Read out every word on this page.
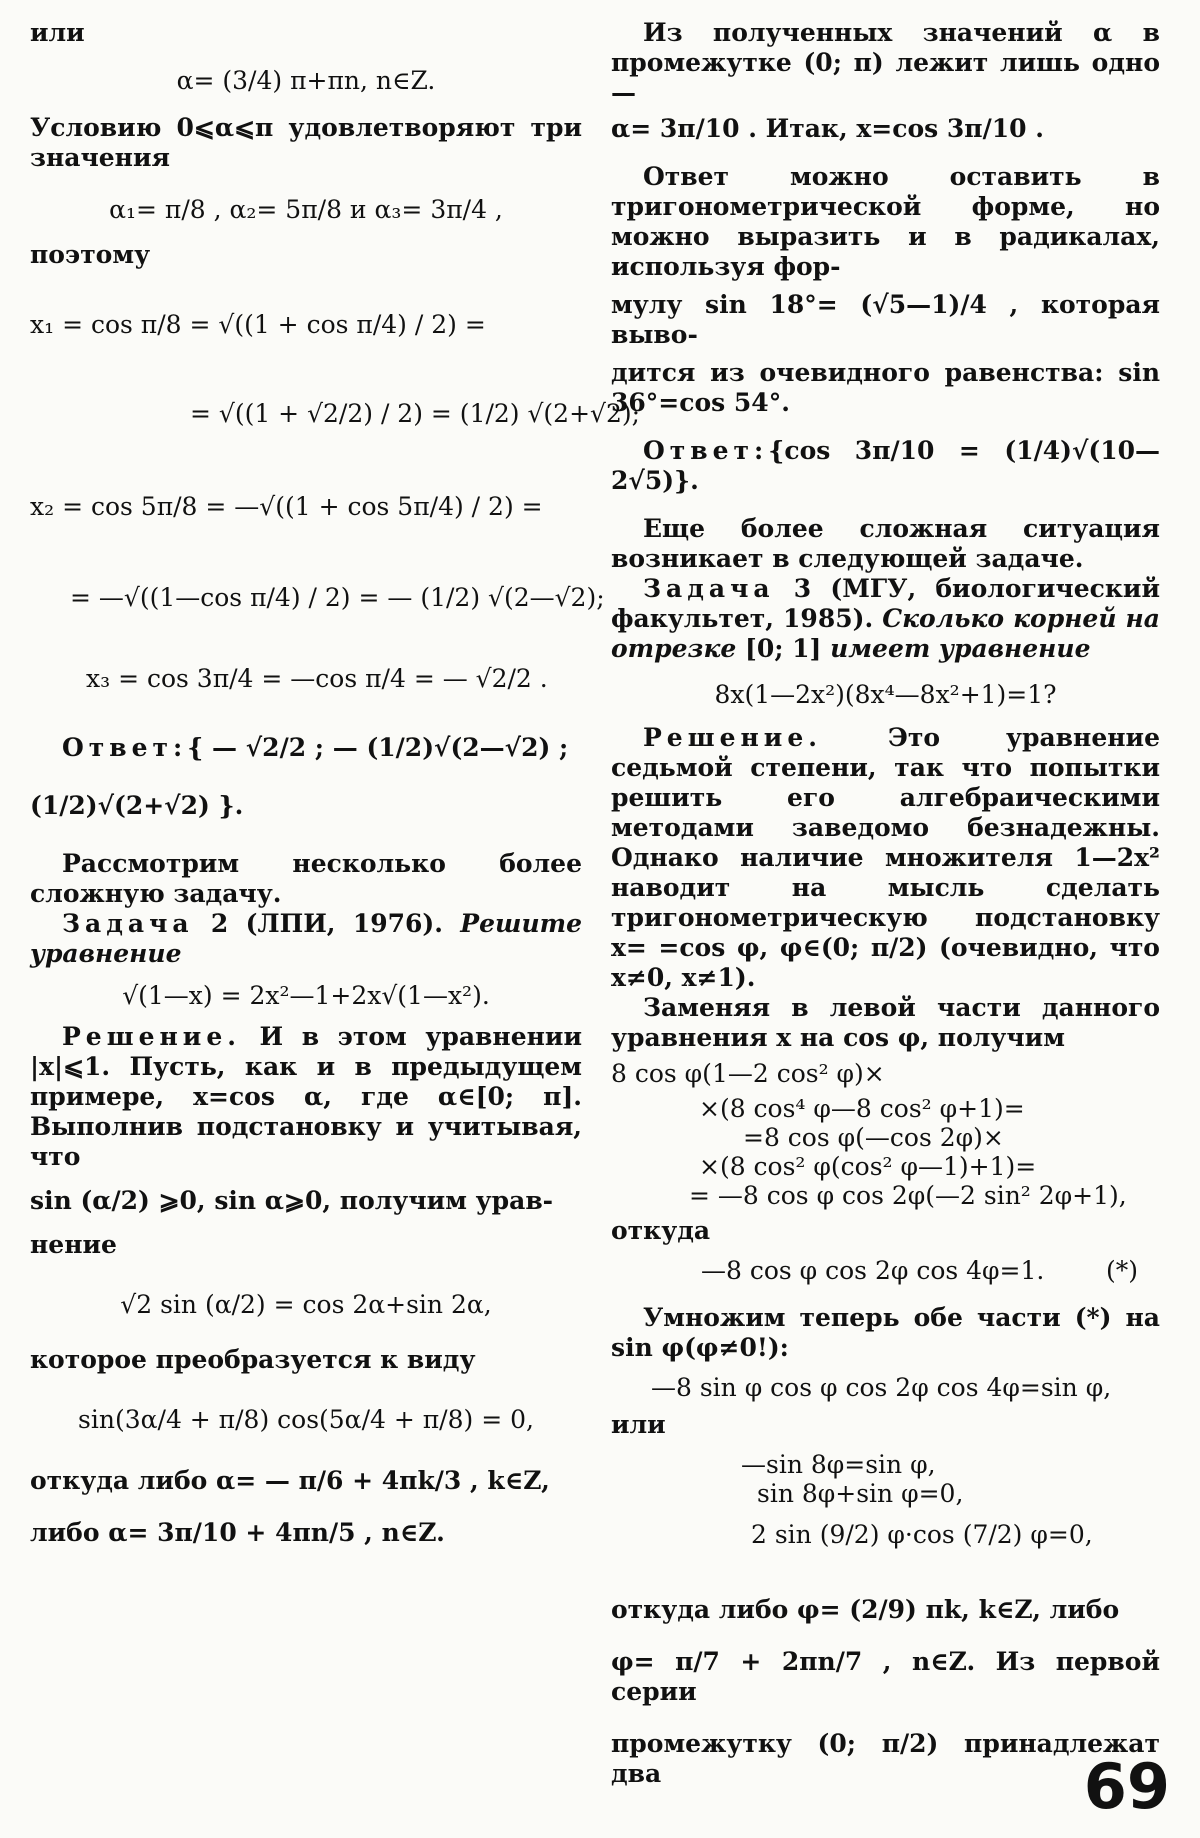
или

α= (3/4) π+πn, n∈Z.

Условию 0⩽α⩽π удовлетворяют три значения

α₁= π/8 , α₂= 5π/8 и α₃= 3π/4 ,

поэтому

x₁ = cos π/8 = √((1 + cos π/4) / 2) =
= √((1 + √2/2) / 2) = (1/2) √(2+√2);
x₂ = cos 5π/8 = —√((1 + cos 5π/4) / 2) =
= —√((1—cos π/4) / 2) = — (1/2) √(2—√2);
x₃ = cos 3π/4 = —cos π/4 = — √2/2 .

Ответ:{ — √2/2 ; — (1/2)√(2—√2) ;

(1/2)√(2+√2) }.

Рассмотрим несколько более сложную задачу.

Задача 2 (ЛПИ, 1976). Решите уравнение

√(1—x) = 2x²—1+2x√(1—x²).

Решение. И в этом уравнении |x|⩽1. Пусть, как и в предыдущем примере, x=cos α, где α∈[0; π]. Выполнив подстановку и учитывая, что

sin (α/2) ⩾0, sin α⩾0, получим урав-

нение

√2 sin (α/2) = cos 2α+sin 2α,

которое преобразуется к виду

sin(3α/4 + π/8) cos(5α/4 + π/8) = 0,

откуда либо α= — π/6 + 4πk/3 , k∈Z,

либо α= 3π/10 + 4πn/5 , n∈Z.

Из полученных значений α в промежутке (0; π) лежит лишь одно —

α= 3π/10 . Итак, x=cos 3π/10 .

Ответ можно оставить в тригонометрической форме, но можно выразить и в радикалах, используя фор-

мулу sin 18°= (√5—1)/4 , которая выво-

дится из очевидного равенства: sin 36°=cos 54°.

Ответ:{cos 3π/10 = (1/4)√(10—2√5)}.

Еще более сложная ситуация возникает в следующей задаче.

Задача 3 (МГУ, биологический факультет, 1985). Сколько корней на отрезке [0; 1] имеет уравнение

8x(1—2x²)(8x⁴—8x²+1)=1?

Решение. Это уравнение седьмой степени, так что попытки решить его алгебраическими методами заведомо безнадежны. Однако наличие множителя 1—2x² наводит на мысль сделать тригонометрическую подстановку x= =cos φ, φ∈(0; π/2) (очевидно, что x≠0, x≠1).

Заменяя в левой части данного уравнения x на cos φ, получим

8 cos φ(1—2 cos² φ)×
×(8 cos⁴ φ—8 cos² φ+1)=
=8 cos φ(—cos 2φ)×
×(8 cos² φ(cos² φ—1)+1)=
= —8 cos φ cos 2φ(—2 sin² 2φ+1),

откуда

—8 cos φ cos 2φ cos 4φ=1. (*)

Умножим теперь обе части (*) на sin φ(φ≠0!):

—8 sin φ cos φ cos 2φ cos 4φ=sin φ,

или

—sin 8φ=sin φ,
sin 8φ+sin φ=0,
2 sin (9/2) φ·cos (7/2) φ=0,

откуда либо φ= (2/9) πk, k∈Z, либо

φ= π/7 + 2πn/7 , n∈Z. Из первой серии

промежутку (0; π/2) принадлежат два	69
